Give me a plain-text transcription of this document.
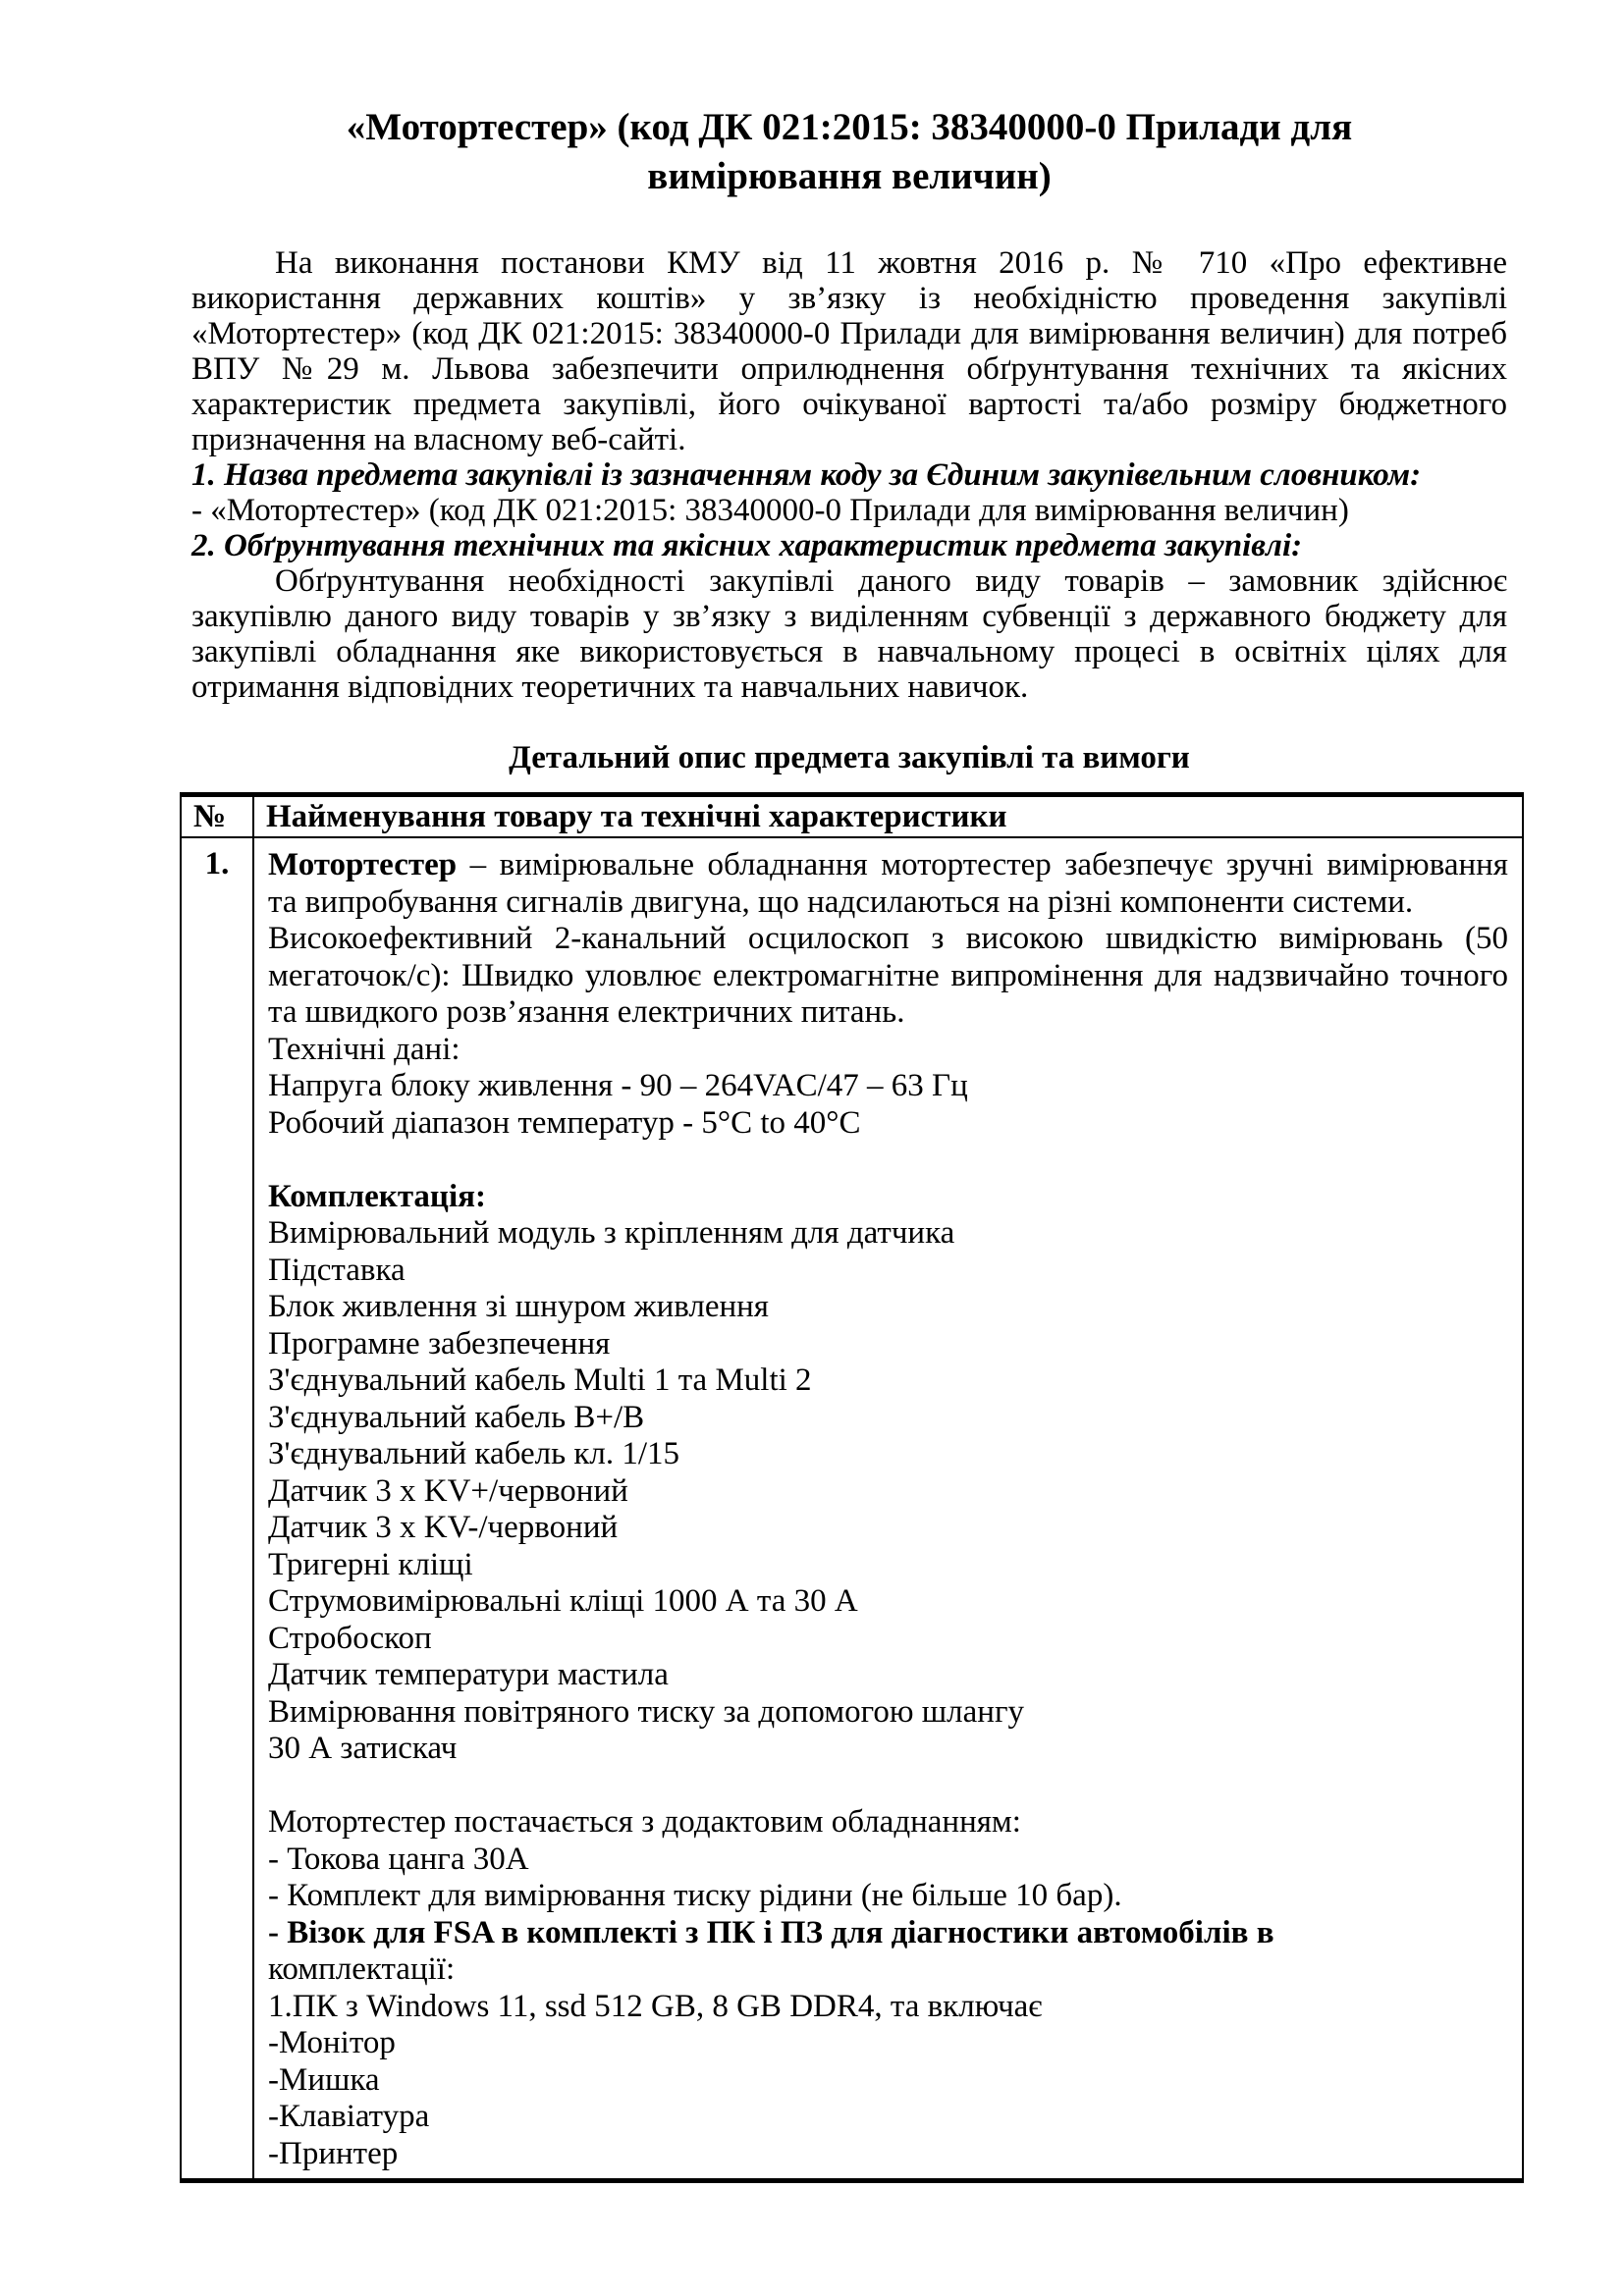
«Мотортестер» (код ДК 021:2015: 38340000-0 Прилади для
вимірювання величин)
На виконання постанови КМУ від 11 жовтня 2016 р. № 710 «Про ефективне використання державних коштів» у зв’язку із необхідністю проведення закупівлі «Мотортестер» (код ДК 021:2015: 38340000-0 Прилади для вимірювання величин) для потреб ВПУ №29 м. Львова забезпечити оприлюднення обґрунтування технічних та якісних характеристик предмета закупівлі, його очікуваної вартості та/або розміру бюджетного призначення на власному веб-сайті.
1. Назва предмета закупівлі із зазначенням коду за Єдиним закупівельним словником:
- «Мотортестер» (код ДК 021:2015: 38340000-0 Прилади для вимірювання величин)
2. Обґрунтування технічних та якісних характеристик предмета закупівлі:
Обґрунтування необхідності закупівлі даного виду товарів – замовник здійснює закупівлю даного виду товарів у зв’язку з виділенням субвенції з державного бюджету для закупівлі обладнання яке використовується в навчальному процесі в освітніх цілях для отримання відповідних теоретичних та навчальних навичок.
Детальний опис предмета закупівлі та вимоги
№	Найменування товару та технічні характеристики
1.	Мотортестер – вимірювальне обладнання мотортестер забезпечує зручні вимірювання та випробування сигналів двигуна, що надсилаються на різні компоненти системи.
Високоефективний 2-канальний осцилоскоп з високою швидкістю вимірювань (50 мегаточок/с): Швидко уловлює електромагнітне випромінення для надзвичайно точного та швидкого розв’язання електричних питань.
Технічні дані:
Напруга блоку живлення - 90 – 264VAC/47 – 63 Гц
Робочий діапазон температур - 5°C to 40°C

Комплектація:
Вимірювальний модуль з кріпленням для датчика
Підставка
Блок живлення зі шнуром живлення
Програмне забезпечення
З'єднувальний кабель Multi 1 та Multi 2
З'єднувальний кабель B+/B
З'єднувальний кабель кл. 1/15
Датчик 3 х KV+/червоний
Датчик 3 х KV-/червоний
Тригерні кліщі
Струмовимірювальні кліщі 1000 А та 30 А
Стробоскоп
Датчик температури мастила
Вимірювання повітряного тиску за допомогою шлангу
30 А затискач

Мотортестер постачається з додактовим обладнанням:
- Токова цанга 30А
- Комплект для вимірювання тиску рідини (не більше 10 бар).
- Візок для FSA в комплекті з ПК і ПЗ для діагностики автомобілів в
комплектації:
1.ПК з Windows 11, ssd 512 GB, 8 GB DDR4, та включає
-Монітор
-Мишка
-Клавіатура
-Принтер
